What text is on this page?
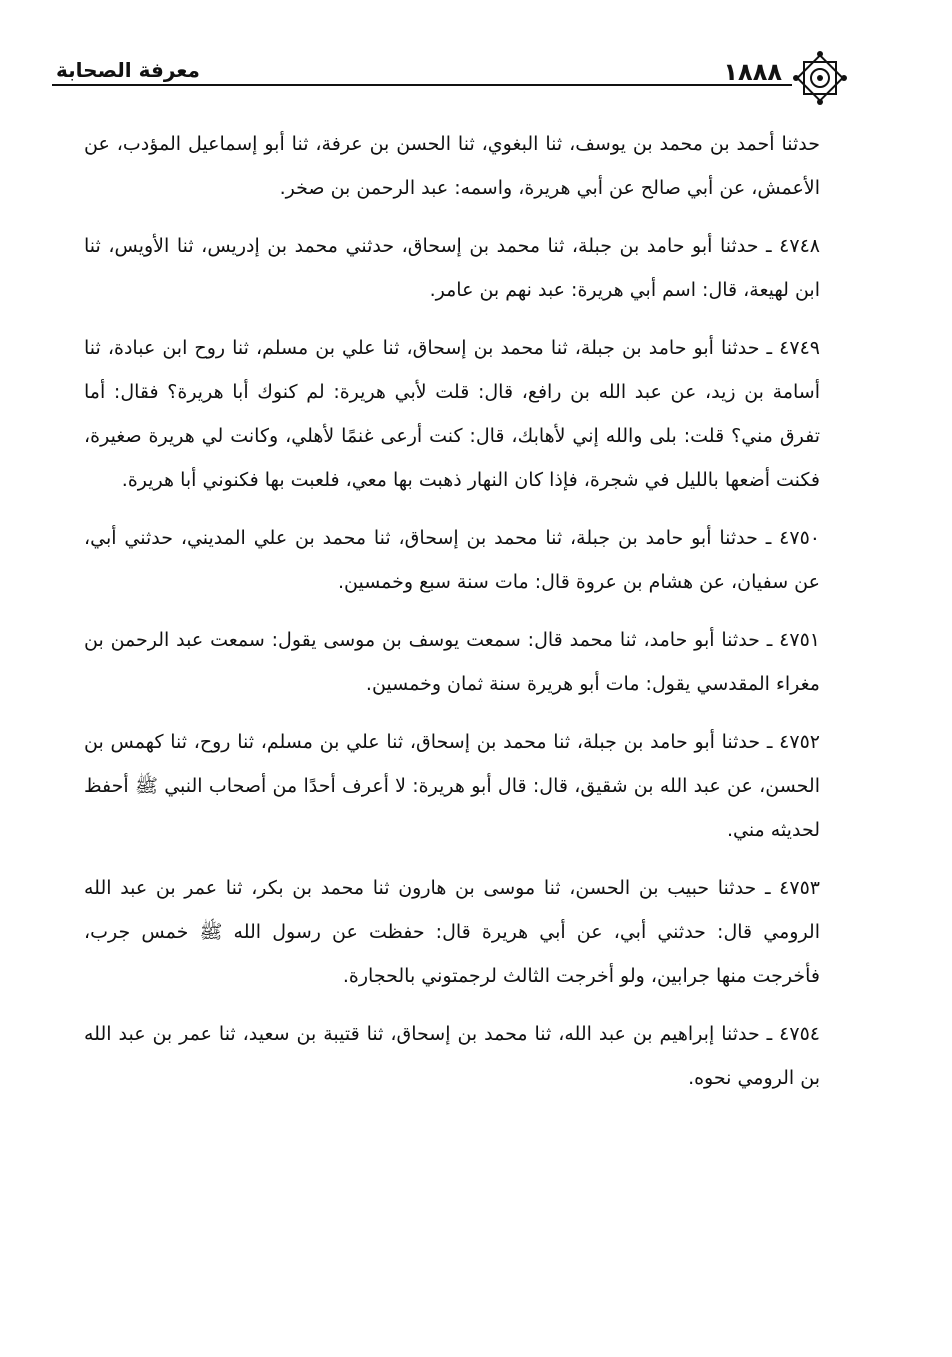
١٨٨٨
معرفة الصحابة

حدثنا أحمد بن محمد بن يوسف، ثنا البغوي، ثنا الحسن بن عرفة، ثنا أبو إسماعيل المؤدب، عن الأعمش، عن أبي صالح عن أبي هريرة، واسمه: عبد الرحمن بن صخر.

٤٧٤٨ ـ حدثنا أبو حامد بن جبلة، ثنا محمد بن إسحاق، حدثني محمد بن إدريس، ثنا الأويس، ثنا ابن لهيعة، قال: اسم أبي هريرة: عبد نهم بن عامر.

٤٧٤٩ ـ حدثنا أبو حامد بن جبلة، ثنا محمد بن إسحاق، ثنا علي بن مسلم، ثنا روح ابن عبادة، ثنا أسامة بن زيد، عن عبد الله بن رافع، قال: قلت لأبي هريرة: لم كنوك أبا هريرة؟ فقال: أما تفرق مني؟ قلت: بلى والله إني لأهابك، قال: كنت أرعى غنمًا لأهلي، وكانت لي هريرة صغيرة، فكنت أضعها بالليل في شجرة، فإذا كان النهار ذهبت بها معي، فلعبت بها فكنوني أبا هريرة.

٤٧٥٠ ـ حدثنا أبو حامد بن جبلة، ثنا محمد بن إسحاق، ثنا محمد بن علي المديني، حدثني أبي، عن سفيان، عن هشام بن عروة قال: مات سنة سبع وخمسين.

٤٧٥١ ـ حدثنا أبو حامد، ثنا محمد قال: سمعت يوسف بن موسى يقول: سمعت عبد الرحمن بن مغراء المقدسي يقول: مات أبو هريرة سنة ثمان وخمسين.

٤٧٥٢ ـ حدثنا أبو حامد بن جبلة، ثنا محمد بن إسحاق، ثنا علي بن مسلم، ثنا روح، ثنا كهمس بن الحسن، عن عبد الله بن شقيق، قال: قال أبو هريرة: لا أعرف أحدًا من أصحاب النبي ﷺ أحفظ لحديثه مني.

٤٧٥٣ ـ حدثنا حبيب بن الحسن، ثنا موسى بن هارون ثنا محمد بن بكر، ثنا عمر بن عبد الله الرومي قال: حدثني أبي، عن أبي هريرة قال: حفظت عن رسول الله ﷺ خمس جرب، فأخرجت منها جرابين، ولو أخرجت الثالث لرجمتوني بالحجارة.

٤٧٥٤ ـ حدثنا إبراهيم بن عبد الله، ثنا محمد بن إسحاق، ثنا قتيبة بن سعيد، ثنا عمر بن عبد الله بن الرومي نحوه.
